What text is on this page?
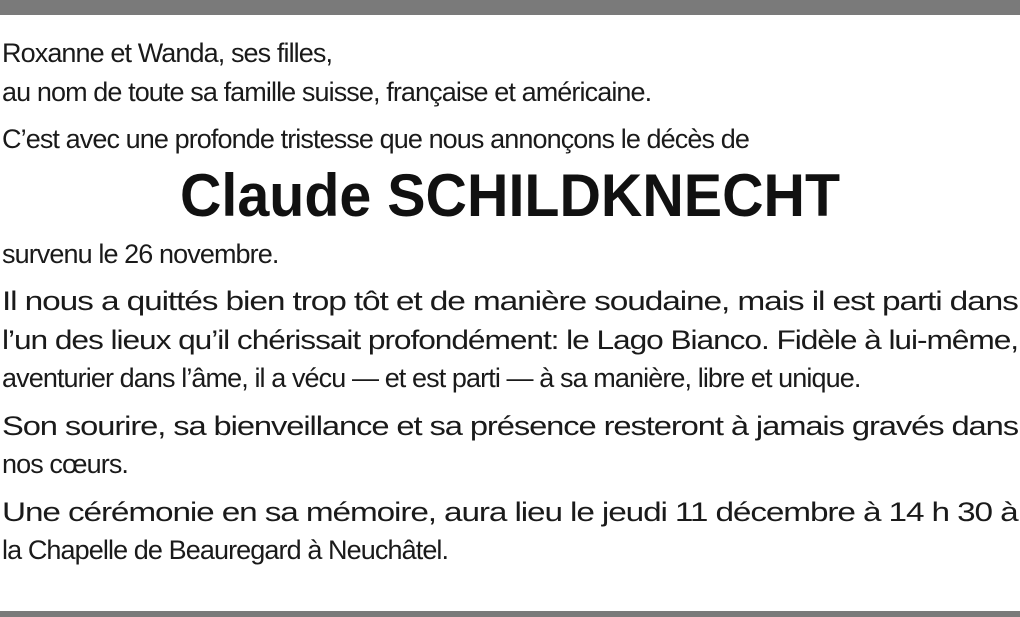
Roxanne et Wanda, ses filles,
au nom de toute sa famille suisse, française et américaine.
C’est avec une profonde tristesse que nous annonçons le décès de
Claude SCHILDKNECHT
survenu le 26 novembre.
Il nous a quittés bien trop tôt et de manière soudaine, mais il est parti dans
l’un des lieux qu’il chérissait profondément: le Lago Bianco. Fidèle à lui-même,
aventurier dans l’âme, il a vécu — et est parti — à sa manière, libre et unique.
Son sourire, sa bienveillance et sa présence resteront à jamais gravés dans
nos cœurs.
Une cérémonie en sa mémoire, aura lieu le jeudi 11 décembre à 14 h 30 à
la Chapelle de Beauregard à Neuchâtel.
